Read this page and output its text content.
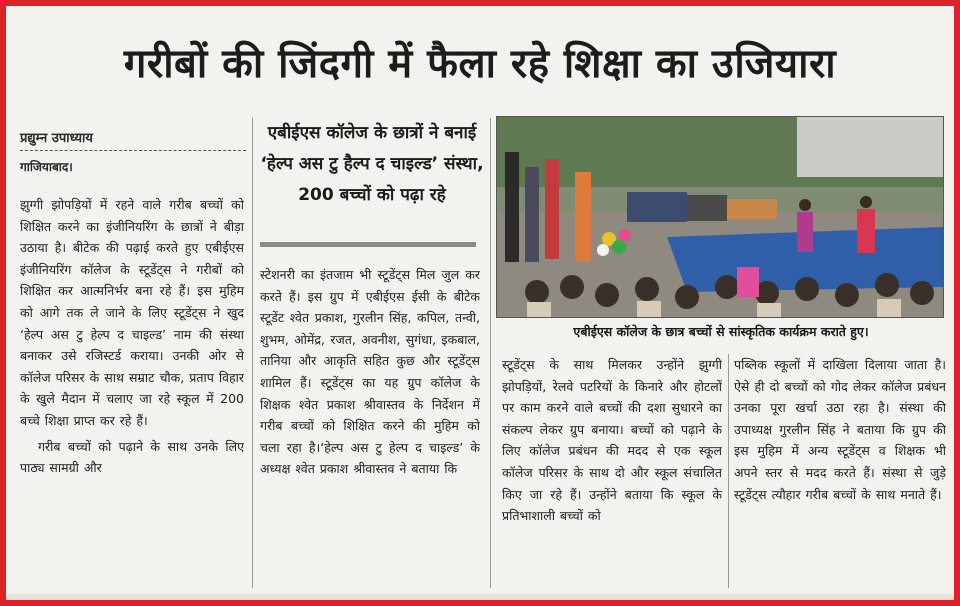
गरीबों की जिंदगी में फैला रहे शिक्षा का उजियारा
प्रद्युम्न उपाध्याय
गाजियाबाद।

झुग्गी झोपड़ियों में रहने वाले गरीब बच्चों को शिक्षित करने का इंजीनियरिंग के छात्रों ने बीड़ा उठाया है। बीटेक की पढ़ाई करते हुए एबीईएस इंजीनियरिंग कॉलेज के स्टूडेंट्स ने गरीबों को शिक्षित कर आत्मनिर्भर बना रहे हैं। इस मुहिम को आगे तक ले जाने के लिए स्टूडेंट्स ने खुद ‘हेल्प अस टु हेल्प द चाइल्ड’ नाम की संस्था बनाकर उसे रजिस्टर्ड कराया। उनकी ओर से कॉलेज परिसर के साथ सम्राट चौक, प्रताप विहार के खुले मैदान में चलाए जा रहे स्कूल में 200 बच्चे शिक्षा प्राप्त कर रहे हैं।

गरीब बच्चों को पढ़ाने के साथ उनके लिए पाठ्य सामग्री और

एबीईएस कॉलेज के छात्रों ने बनाई ‘हेल्प अस टु हैल्प द चाइल्ड’ संस्था, 200 बच्चों को पढ़ा रहे
स्टेशनरी का इंतजाम भी स्टूडेंट्स मिल जुल कर करते हैं। इस ग्रुप में एबीईएस ईसी के बीटेक स्टूडेंट श्वेत प्रकाश, गुरलीन सिंह, कपिल, तन्वी, शुभम, ओमेंद्र, रजत, अवनीश, सुगंधा, इकबाल, तानिया और आकृति सहित कुछ और स्टूडेंट्स शामिल हैं। स्टूडेंट्स का यह ग्रुप कॉलेज के शिक्षक श्वेत प्रकाश श्रीवास्तव के निर्देशन में गरीब बच्चों को शिक्षित करने की मुहिम को चला रहा है।‘हेल्प अस टु हेल्प द चाइल्ड’ के अध्यक्ष श्वेत प्रकाश श्रीवास्तव ने बताया कि
एबीईएस कॉलेज के छात्र बच्चों से सांस्कृतिक कार्यक्रम कराते हुए।
स्टूडेंट्स के साथ मिलकर उन्होंने झुग्गी झोपड़ियों, रेलवे पटरियों के किनारे और होटलों पर काम करने वाले बच्चों की दशा सुधारने का संकल्प लेकर ग्रुप बनाया। बच्चों को पढ़ाने के लिए कॉलेज प्रबंधन की मदद से एक स्कूल कॉलेज परिसर के साथ दो और स्कूल संचालित किए जा रहे हैं। उन्होंने बताया कि स्कूल के प्रतिभाशाली बच्चों को
पब्लिक स्कूलों में दाखिला दिलाया जाता है। ऐसे ही दो बच्चों को गोद लेकर कॉलेज प्रबंधन उनका पूरा खर्चा उठा रहा है। संस्था की उपाध्यक्ष गुरलीन सिंह ने बताया कि ग्रुप की इस मुहिम में अन्य स्टूडेंट्स व शिक्षक भी अपने स्तर से मदद करते हैं। संस्था से जुड़े स्टूडेंट्स त्यौहार गरीब बच्चों के साथ मनाते हैं।
